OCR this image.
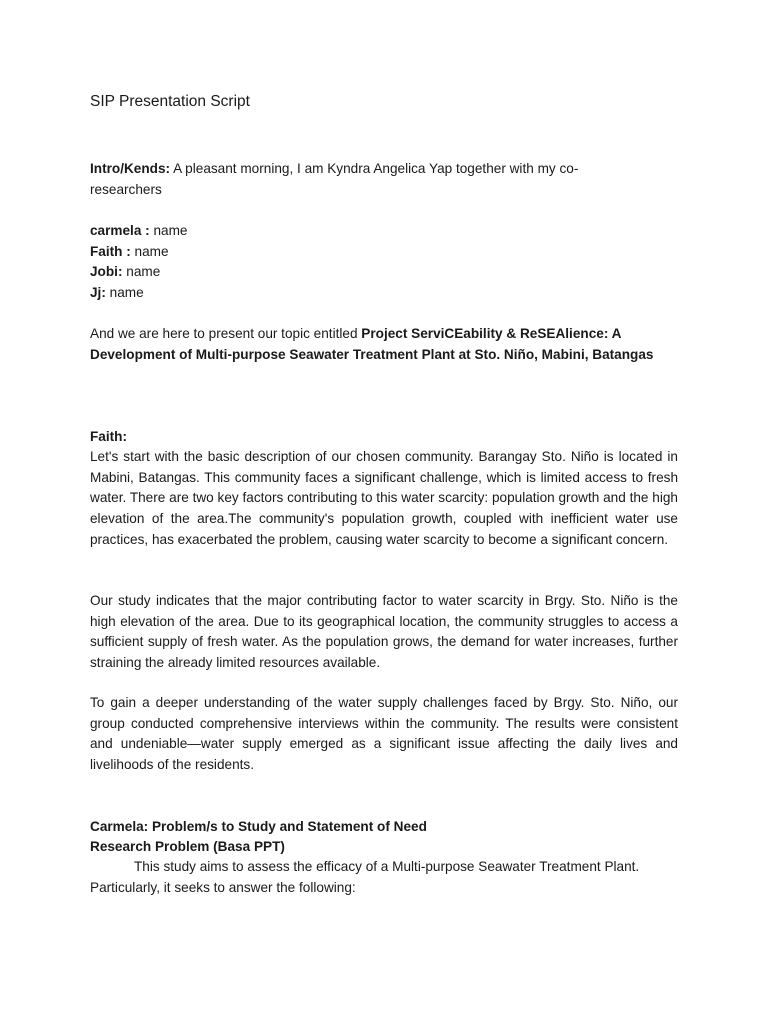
SIP Presentation Script

Intro/Kends: A pleasant morning, I am Kyndra Angelica Yap together with my co-researchers

carmela : name
Faith : name
Jobi: name
Jj: name

And we are here to present our topic entitled Project ServiCEability & ReSEAlience: A Development of Multi-purpose Seawater Treatment Plant at Sto. Niño, Mabini, Batangas

Faith:

Let's start with the basic description of our chosen community. Barangay Sto. Niño is located in Mabini, Batangas. This community faces a significant challenge, which is limited access to fresh water. There are two key factors contributing to this water scarcity: population growth and the high elevation of the area.The community's population growth, coupled with inefficient water use practices, has exacerbated the problem, causing water scarcity to become a significant concern.

Our study indicates that the major contributing factor to water scarcity in Brgy. Sto. Niño is the high elevation of the area. Due to its geographical location, the community struggles to access a sufficient supply of fresh water. As the population grows, the demand for water increases, further straining the already limited resources available.

To gain a deeper understanding of the water supply challenges faced by Brgy. Sto. Niño, our group conducted comprehensive interviews within the community. The results were consistent and undeniable—water supply emerged as a significant issue affecting the daily lives and livelihoods of the residents.

Carmela: Problem/s to Study and Statement of Need

Research Problem (Basa PPT)

This study aims to assess the efficacy of a Multi-purpose Seawater Treatment Plant. Particularly, it seeks to answer the following:
